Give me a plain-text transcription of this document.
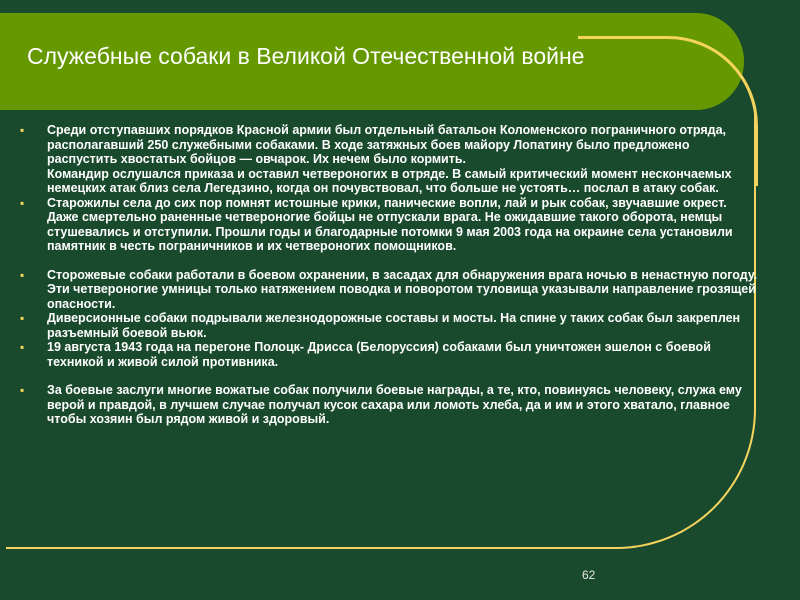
Служебные собаки в Великой Отечественной войне
▪ Среди отступавших порядков Красной армии был отдельный батальон Коломенского пограничного отряда, располагавший 250 служебными собаками. В ходе затяжных боев майору Лопатину было предложено распустить хвостатых бойцов — овчарок. Их нечем было кормить.
Командир ослушался приказа и оставил четвероногих в отряде. В самый критический момент нескончаемых немецких атак близ села Легедзино, когда он почувствовал, что больше не устоять… послал в атаку собак.
▪ Старожилы села до сих пор помнят истошные крики, панические вопли, лай и рык собак, звучавшие окрест. Даже смертельно раненные четвероногие бойцы не отпускали врага. Не ожидавшие такого оборота, немцы стушевались и отступили. Прошли годы и благодарные потомки 9 мая 2003 года на окраине села установили памятник в честь пограничников и их четвероногих помощников.
▪ Сторожевые собаки работали в боевом охранении, в засадах для обнаружения врага ночью в ненастную погоду. Эти четвероногие умницы только натяжением поводка и поворотом туловища указывали направление грозящей опасности.
▪ Диверсионные собаки подрывали железнодорожные составы и мосты. На спине у таких собак был закреплен разъемный боевой вьюк.
▪ 19 августа 1943 года на перегоне Полоцк- Дрисса (Белоруссия) собаками был уничтожен эшелон с боевой техникой и живой силой противника.
▪ За боевые заслуги многие вожатые собак получили боевые награды, а те, кто, повинуясь человеку, служа ему верой и правдой, в лучшем случае получал кусок сахара или ломоть хлеба, да и им и этого хватало, главное чтобы хозяин был рядом живой и здоровый.
62
